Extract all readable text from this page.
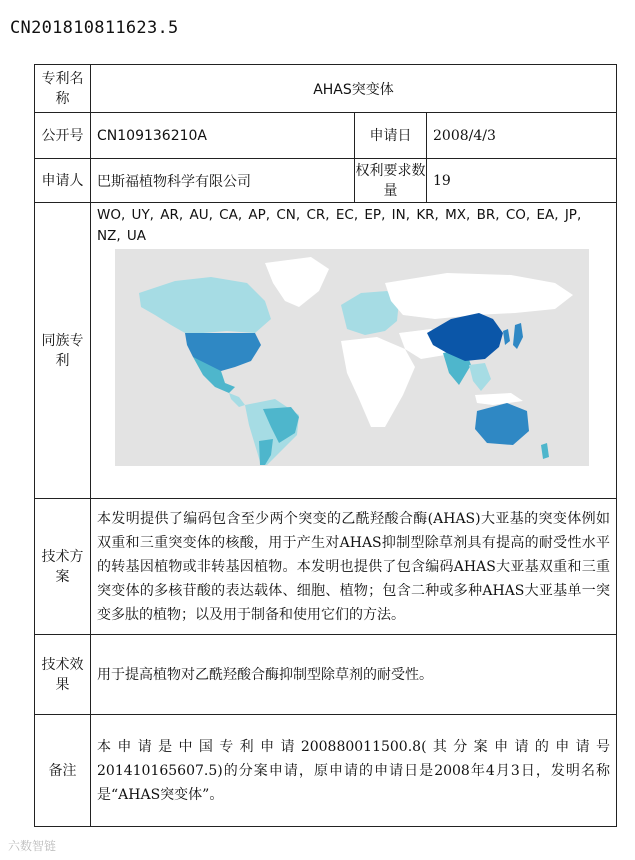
CN201810811623.5
专利名称	AHAS突变体		
公开号	CN109136210A	申请日	2008/4/3
申请人	巴斯福植物科学有限公司	权利要求数量	19
同族专利	WO, UY, AR, AU, CA, AP, CN, CR, EC, EP, IN, KR, MX, BR, CO, EA, JP, NZ, UA		

技术方案	本发明提供了编码包含至少两个突变的乙酰羟酸合酶(AHAS)大亚基的突变体例如双重和三重突变体的核酸，用于产生对AHAS抑制型除草剂具有提高的耐受性水平的转基因植物或非转基因植物。本发明也提供了包含编码AHAS大亚基双重和三重突变体的多核苷酸的表达载体、细胞、植物；包含二种或多种AHAS大亚基单一突变多肽的植物；以及用于制备和使用它们的方法。		
技术效果	用于提高植物对乙酰羟酸合酶抑制型除草剂的耐受性。		
备注	本申请是中国专利申请200880011500.8(其分案申请的申请号201410165607.5)的分案申请，原申请的申请日是2008年4月3日，发明名称是“AHAS突变体”。		
六数智链
